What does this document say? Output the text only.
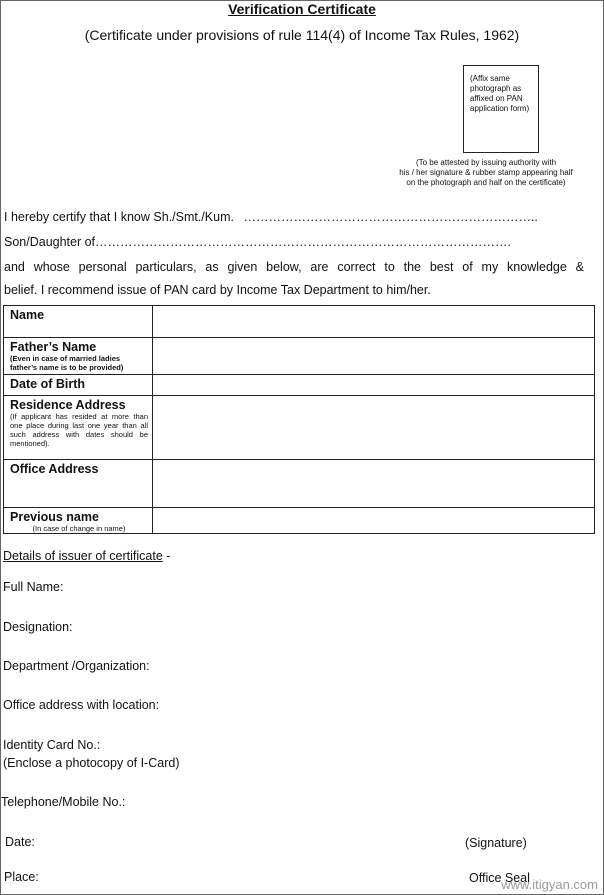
Verification Certificate
(Certificate under provisions of rule 114(4) of Income Tax Rules, 1962)
(Affix same photograph as affixed on PAN application form)
(To be attested by issuing authority with
his / her signature & rubber stamp appearing half
on the photograph and half on the certificate)
I hereby certify that I know Sh./Smt./Kum. ……………………………………………………………..
Son/Daughter of……………………………………………………………………………………….
and whose personal particulars, as given below, are correct to the best of my knowledge &
belief. I recommend issue of PAN card by Income Tax Department to him/her.
Name	

Father’s Name
(Even in case of married ladies father’s name is to be provided)	

Date of Birth	

Residence Address
(If applicant has resided at more than one place during last one year than all such address with dates should be mentioned).	

Office Address	

Previous name
(In case of change in name)	

Details of issuer of certificate -
Full Name:
Designation:
Department /Organization:
Office address with location:
Identity Card No.:
(Enclose a photocopy of I-Card)
Telephone/Mobile No.:
Date:	(Signature)
Place:	Office Seal
www.itigyan.com
